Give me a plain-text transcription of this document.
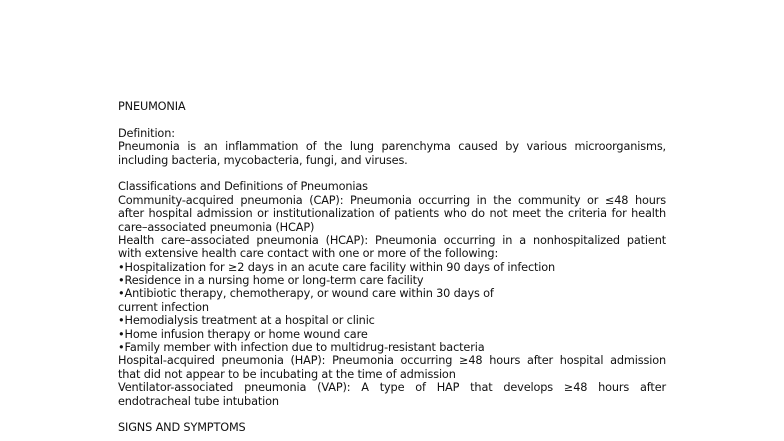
PNEUMONIA
Definition:
Pneumonia is an inflammation of the lung parenchyma caused by various microorganisms,
including bacteria, mycobacteria, fungi, and viruses.
Classifications and Definitions of Pneumonias
Community-acquired pneumonia (CAP): Pneumonia occurring in the community or ≤48 hours
after hospital admission or institutionalization of patients who do not meet the criteria for health
care–associated pneumonia (HCAP)
Health care–associated pneumonia (HCAP): Pneumonia occurring in a nonhospitalized patient
with extensive health care contact with one or more of the following:
•Hospitalization for ≥2 days in an acute care facility within 90 days of infection
•Residence in a nursing home or long-term care facility
•Antibiotic therapy, chemotherapy, or wound care within 30 days of
current infection
•Hemodialysis treatment at a hospital or clinic
•Home infusion therapy or home wound care
•Family member with infection due to multidrug-resistant bacteria
Hospital-acquired pneumonia (HAP): Pneumonia occurring ≥48 hours after hospital admission
that did not appear to be incubating at the time of admission
Ventilator-associated pneumonia (VAP): A type of HAP that develops ≥48 hours after
endotracheal tube intubation
SIGNS AND SYMPTOMS
